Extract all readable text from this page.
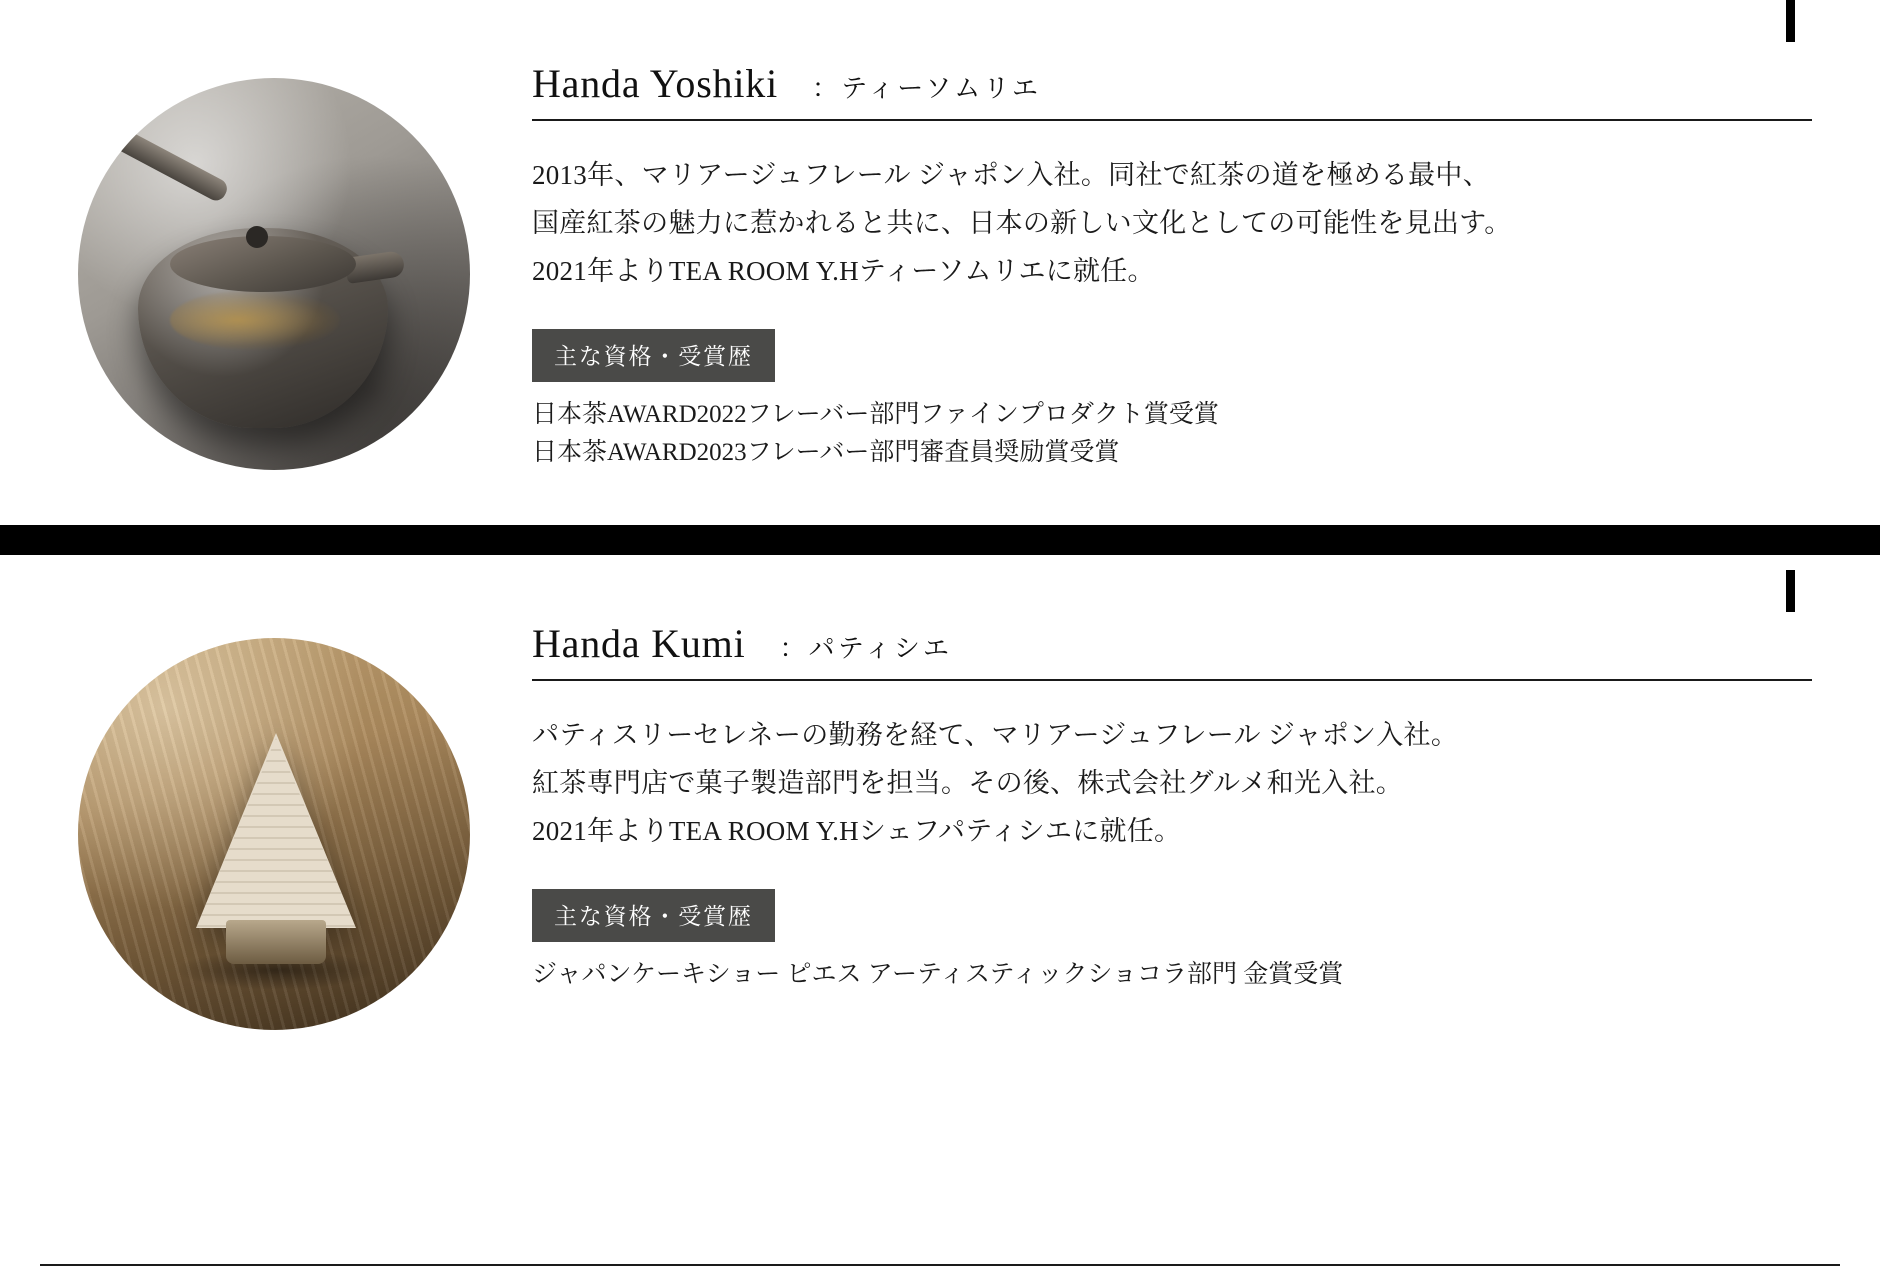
Handa Yoshiki ：ティーソムリエ
2013年、マリアージュフレール ジャポン入社。同社で紅茶の道を極める最中、
国産紅茶の魅力に惹かれると共に、日本の新しい文化としての可能性を見出す。
2021年よりTEA ROOM Y.Hティーソムリエに就任。
主な資格・受賞歴
日本茶AWARD2022フレーバー部門ファインプロダクト賞受賞
日本茶AWARD2023フレーバー部門審査員奨励賞受賞
Handa Kumi ：パティシエ
パティスリーセレネーの勤務を経て、マリアージュフレール ジャポン入社。
紅茶専門店で菓子製造部門を担当。その後、株式会社グルメ和光入社。
2021年よりTEA ROOM Y.Hシェフパティシエに就任。
主な資格・受賞歴
ジャパンケーキショー ピエス アーティスティックショコラ部門 金賞受賞
